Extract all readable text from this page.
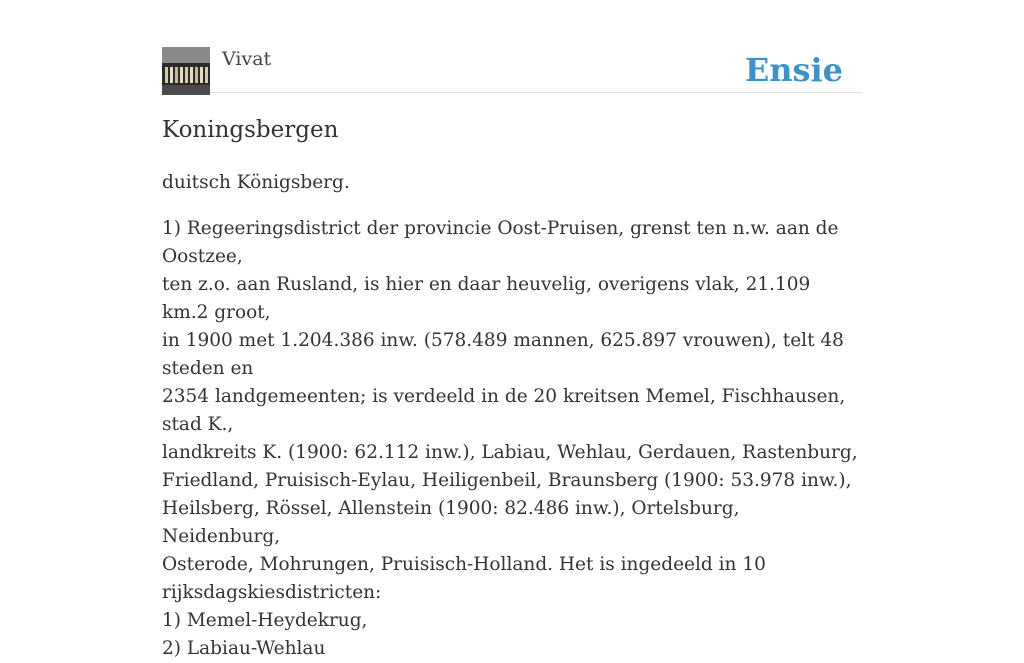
Vivat	Ensie
Koningsbergen

duitsch Königsberg.

1) Regeeringsdistrict der provincie Oost-Pruisen, grenst ten n.w. aan de Oostzee,

ten z.o. aan Rusland, is hier en daar heuvelig, overigens vlak, 21.109 km.2 groot,

in 1900 met 1.204.386 inw. (578.489 mannen, 625.897 vrouwen), telt 48 steden en

2354 landgemeenten; is verdeeld in de 20 kreitsen Memel, Fischhausen, stad K.,

landkreits K. (1900: 62.112 inw.), Labiau, Wehlau, Gerdauen, Rastenburg,

Friedland, Pruisisch-Eylau, Heiligenbeil, Braunsberg (1900: 53.978 inw.),

Heilsberg, Rössel, Allenstein (1900: 82.486 inw.), Ortelsburg, Neidenburg,

Osterode, Mohrungen, Pruisisch-Holland. Het is ingedeeld in 10

rijksdagskiesdistricten:

1) Memel-Heydekrug,

2) Labiau-Wehlau
